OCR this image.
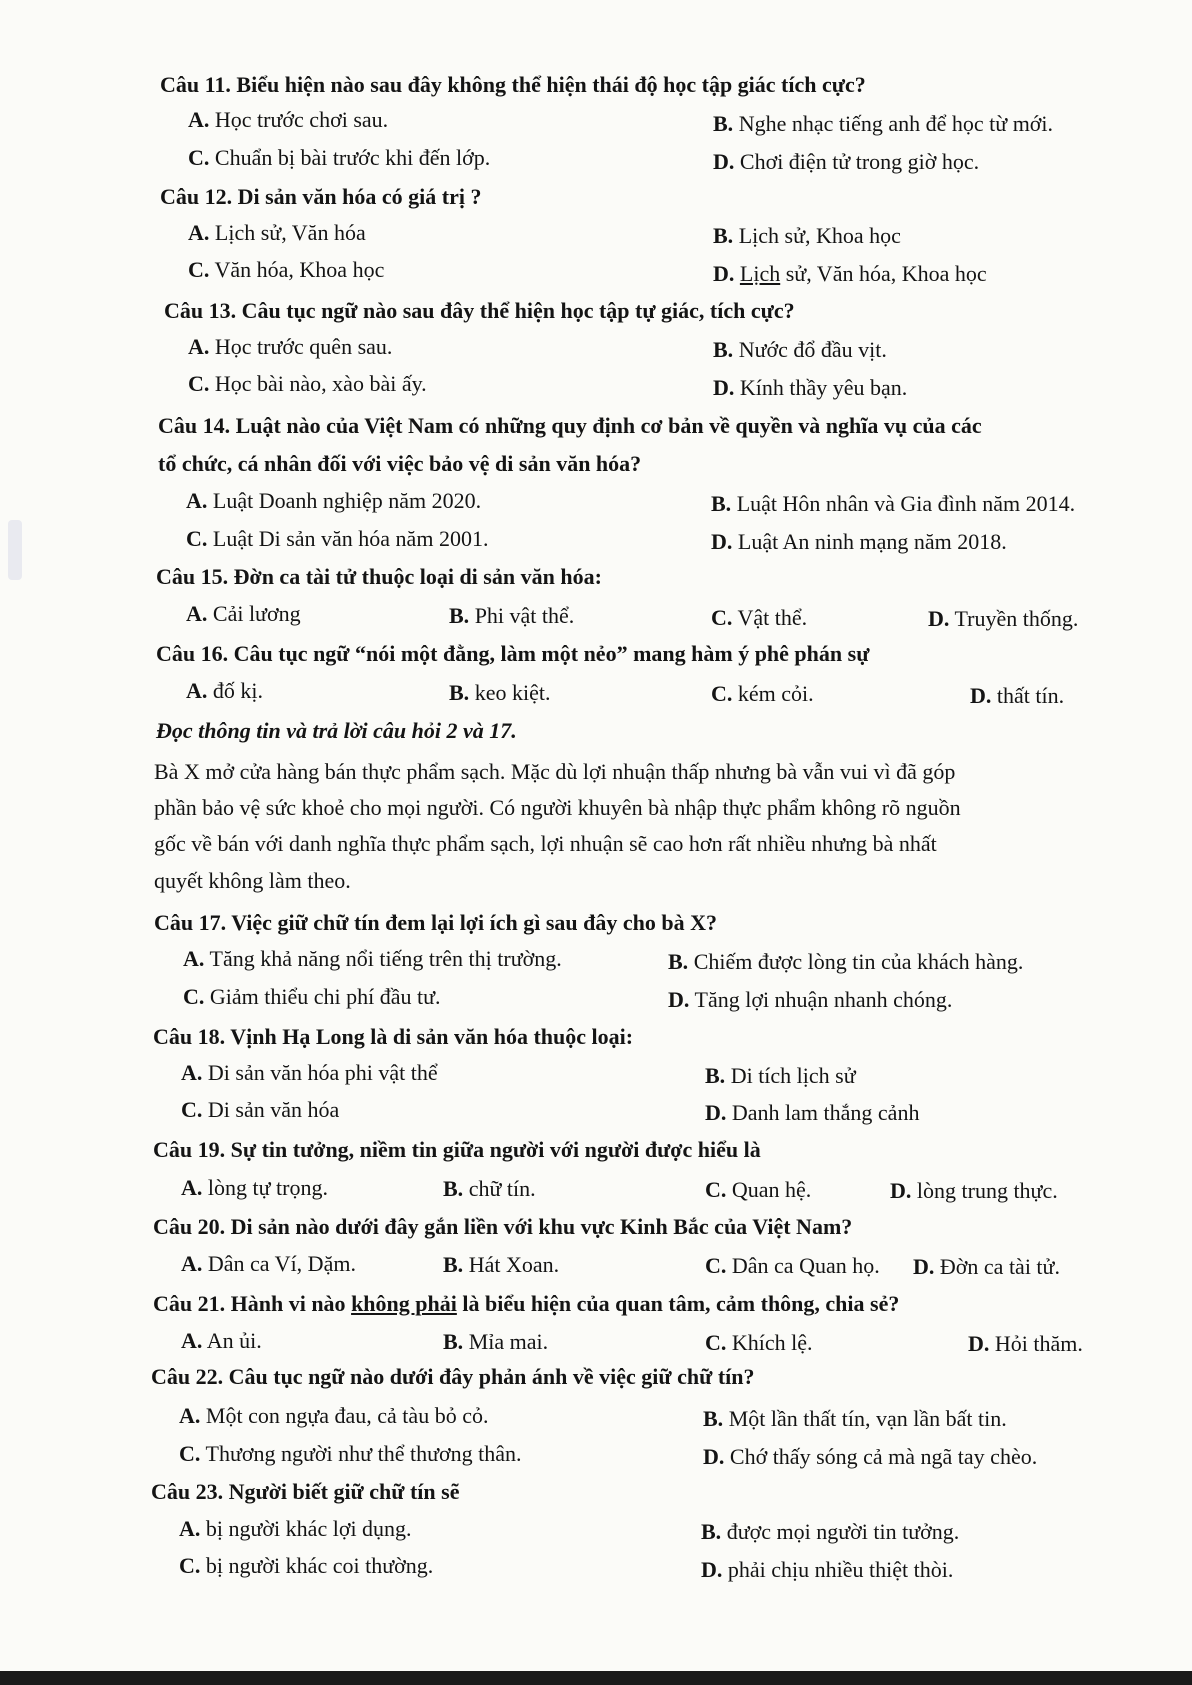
Câu 11. Biểu hiện nào sau đây không thể hiện thái độ học tập giác tích cực?
A. Học trước chơi sau.	B. Nghe nhạc tiếng anh để học từ mới.
C. Chuẩn bị bài trước khi đến lớp.	D. Chơi điện tử trong giờ học.
Câu 12. Di sản văn hóa có giá trị ?
A. Lịch sử, Văn hóa	B. Lịch sử, Khoa học
C. Văn hóa, Khoa học	D. Lịch sử, Văn hóa, Khoa học
Câu 13. Câu tục ngữ nào sau đây thể hiện học tập tự giác, tích cực?
A. Học trước quên sau.	B. Nước đổ đầu vịt.
C. Học bài nào, xào bài ấy.	D. Kính thầy yêu bạn.
Câu 14. Luật nào của Việt Nam có những quy định cơ bản về quyền và nghĩa vụ của các
tổ chức, cá nhân đối với việc bảo vệ di sản văn hóa?
A. Luật Doanh nghiệp năm 2020.	B. Luật Hôn nhân và Gia đình năm 2014.
C. Luật Di sản văn hóa năm 2001.	D. Luật An ninh mạng năm 2018.
Câu 15. Đờn ca tài tử thuộc loại di sản văn hóa:
A. Cải lương	B. Phi vật thể.	C. Vật thể.	D. Truyền thống.
Câu 16. Câu tục ngữ “nói một đằng, làm một nẻo” mang hàm ý phê phán sự
A. đố kị.	B. keo kiệt.	C. kém cỏi.	D. thất tín.
Đọc thông tin và trả lời câu hỏi 2 và 17.
Bà X mở cửa hàng bán thực phẩm sạch. Mặc dù lợi nhuận thấp nhưng bà vẫn vui vì đã góp
phần bảo vệ sức khoẻ cho mọi người. Có người khuyên bà nhập thực phẩm không rõ nguồn
gốc về bán với danh nghĩa thực phẩm sạch, lợi nhuận sẽ cao hơn rất nhiều nhưng bà nhất
quyết không làm theo.
Câu 17. Việc giữ chữ tín đem lại lợi ích gì sau đây cho bà X?
A. Tăng khả năng nổi tiếng trên thị trường.	B. Chiếm được lòng tin của khách hàng.
C. Giảm thiểu chi phí đầu tư.	D. Tăng lợi nhuận nhanh chóng.
Câu 18. Vịnh Hạ Long là di sản văn hóa thuộc loại:
A. Di sản văn hóa phi vật thể	B. Di tích lịch sử
C. Di sản văn hóa	D. Danh lam thắng cảnh
Câu 19. Sự tin tưởng, niềm tin giữa người với người được hiểu là
A. lòng tự trọng.	B. chữ tín.	C. Quan hệ.	D. lòng trung thực.
Câu 20. Di sản nào dưới đây gắn liền với khu vực Kinh Bắc của Việt Nam?
A. Dân ca Ví, Dặm.	B. Hát Xoan.	C. Dân ca Quan họ. D. Đờn ca tài tử.
Câu 21. Hành vi nào không phải là biểu hiện của quan tâm, cảm thông, chia sẻ?
A. An ủi.	B. Mỉa mai.	C. Khích lệ.	D. Hỏi thăm.
Câu 22. Câu tục ngữ nào dưới đây phản ánh về việc giữ chữ tín?
A. Một con ngựa đau, cả tàu bỏ cỏ.	B. Một lần thất tín, vạn lần bất tin.
C. Thương người như thể thương thân.	D. Chớ thấy sóng cả mà ngã tay chèo.
Câu 23. Người biết giữ chữ tín sẽ
A. bị người khác lợi dụng.	B. được mọi người tin tưởng.
C. bị người khác coi thường.	D. phải chịu nhiều thiệt thòi.
